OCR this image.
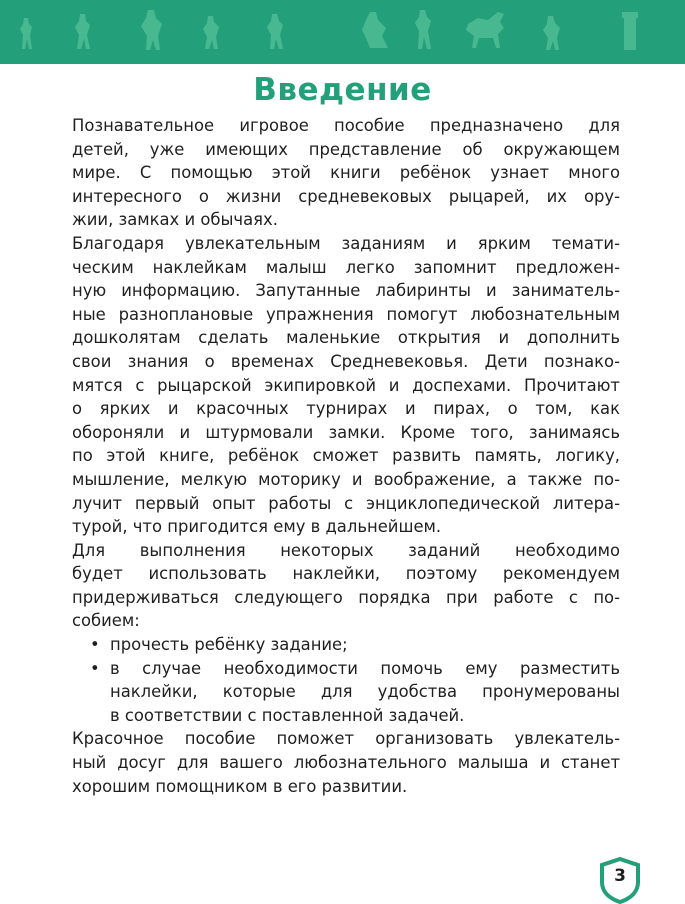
Введение
Познавательное игровое пособие предназначено для
детей, уже имеющих представление об окружающем
мире. С помощью этой книги ребёнок узнает много
интересного о жизни средневековых рыцарей, их ору-
жии, замках и обычаях.
Благодаря увлекательным заданиям и ярким темати-
ческим наклейкам малыш легко запомнит предложен-
ную информацию. Запутанные лабиринты и заниматель-
ные разноплановые упражнения помогут любознательным
дошколятам сделать маленькие открытия и дополнить
свои знания о временах Средневековья. Дети познако-
мятся с рыцарской экипировкой и доспехами. Прочитают
о ярких и красочных турнирах и пирах, о том, как
обороняли и штурмовали замки. Кроме того, занимаясь
по этой книге, ребёнок сможет развить память, логику,
мышление, мелкую моторику и воображение, а также по-
лучит первый опыт работы с энциклопедической литера-
турой, что пригодится ему в дальнейшем.
Для выполнения некоторых заданий необходимо
будет использовать наклейки, поэтому рекомендуем
придерживаться следующего порядка при работе с по-
собием:
• прочесть ребёнку задание;
• в случае необходимости помочь ему разместить
наклейки, которые для удобства пронумерованы
в соответствии с поставленной задачей.
Красочное пособие поможет организовать увлекатель-
ный досуг для вашего любознательного малыша и станет
хорошим помощником в его развитии.
3
